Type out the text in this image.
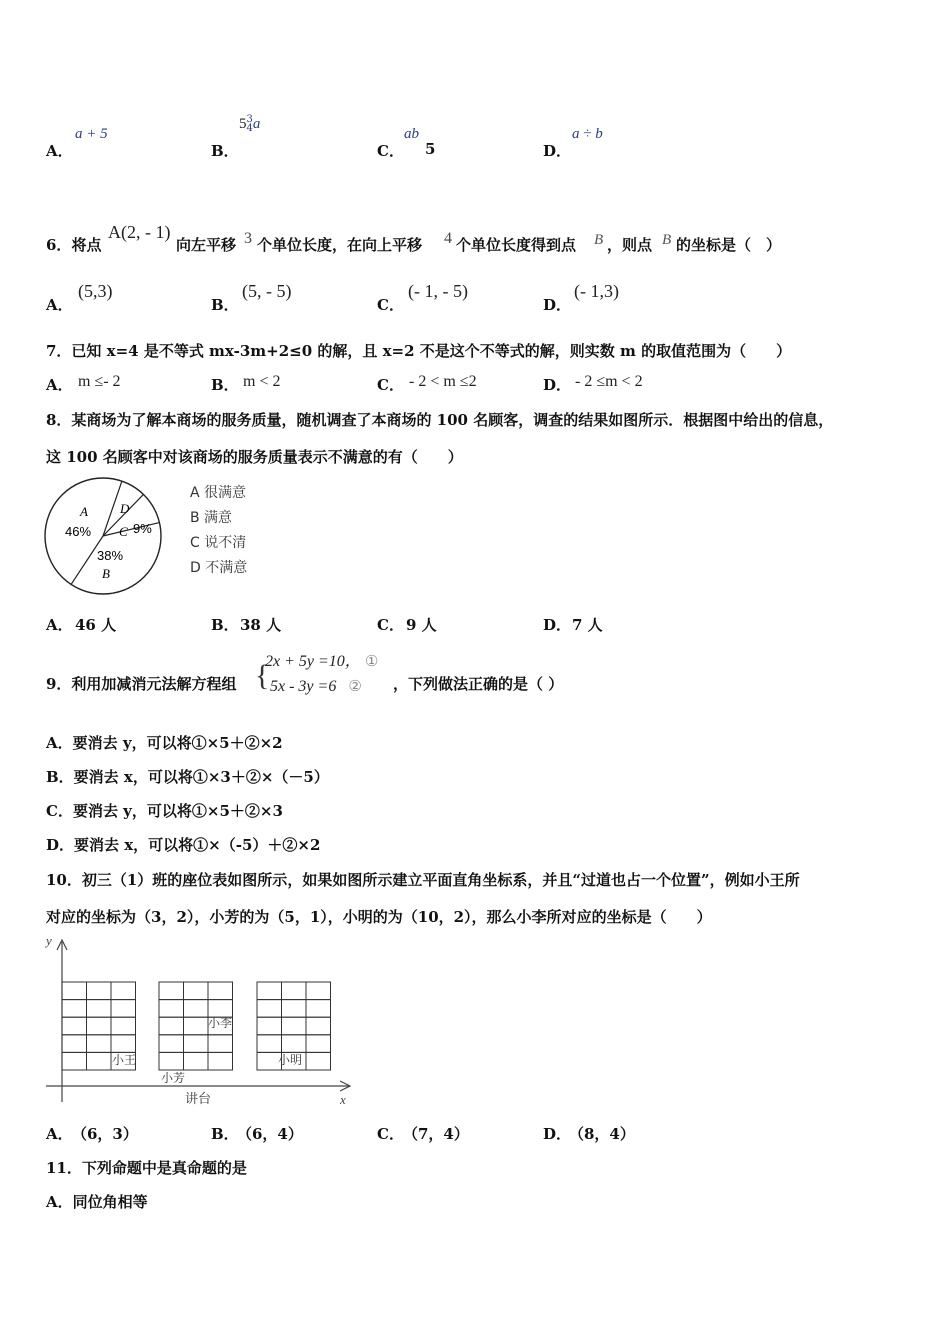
A．
a + 5
B．
5 3
4 a
C．
ab
5	D．
a ÷ b
6．将点
A(2, - 1)
向左平移 3 个单位长度，在向上平移 4 个单位长度得到点 B ，则点 B 的坐标是（　）
A．
(5,3)
B．
(5, - 5)
C．
(- 1, - 5)
D．
(- 1,3)
7．已知 x=4 是不等式 mx-3m+2≤0 的解，且 x=2 不是这个不等式的解，则实数 m 的取值范围为（　　）
A． m ≤- 2	B． m < 2	C． - 2 < m ≤2	D． - 2 ≤m < 2
8．某商场为了解本商场的服务质量，随机调查了本商场的 100 名顾客，调查的结果如图所示．根据图中给出的信息，
这 100 名顾客中对该商场的服务质量表示不满意的有（　　）
A
46%
38%
B
D
C 9%
A 很满意
B 满意
C 说不清
D 不满意
A． 46 人	B． 38 人	C． 9 人	D． 7 人
9．利用加减消元法解方程组 {
2x + 5y =10， ①
5x - 3y =6 ② ，下列做法正确的是（ ）
A．要消去 y，可以将①×5＋②×2
B．要消去 x，可以将①×3＋②×（－5）
C．要消去 y，可以将①×5＋②×3
D．要消去 x，可以将①×（-5）＋②×2
10．初三（1）班的座位表如图所示，如果如图所示建立平面直角坐标系，并且“过道也占一个位置”，例如小王所
对应的坐标为（3，2），小芳的为（5，1），小明的为（10，2），那么小李所对应的坐标是（　　）
y
x
小王
小芳
小李
小明
讲台
A． （6，3）	B．
（6，4）	C． （7，4）	D．
（8，4）
11．下列命题中是真命题的是
A．同位角相等
